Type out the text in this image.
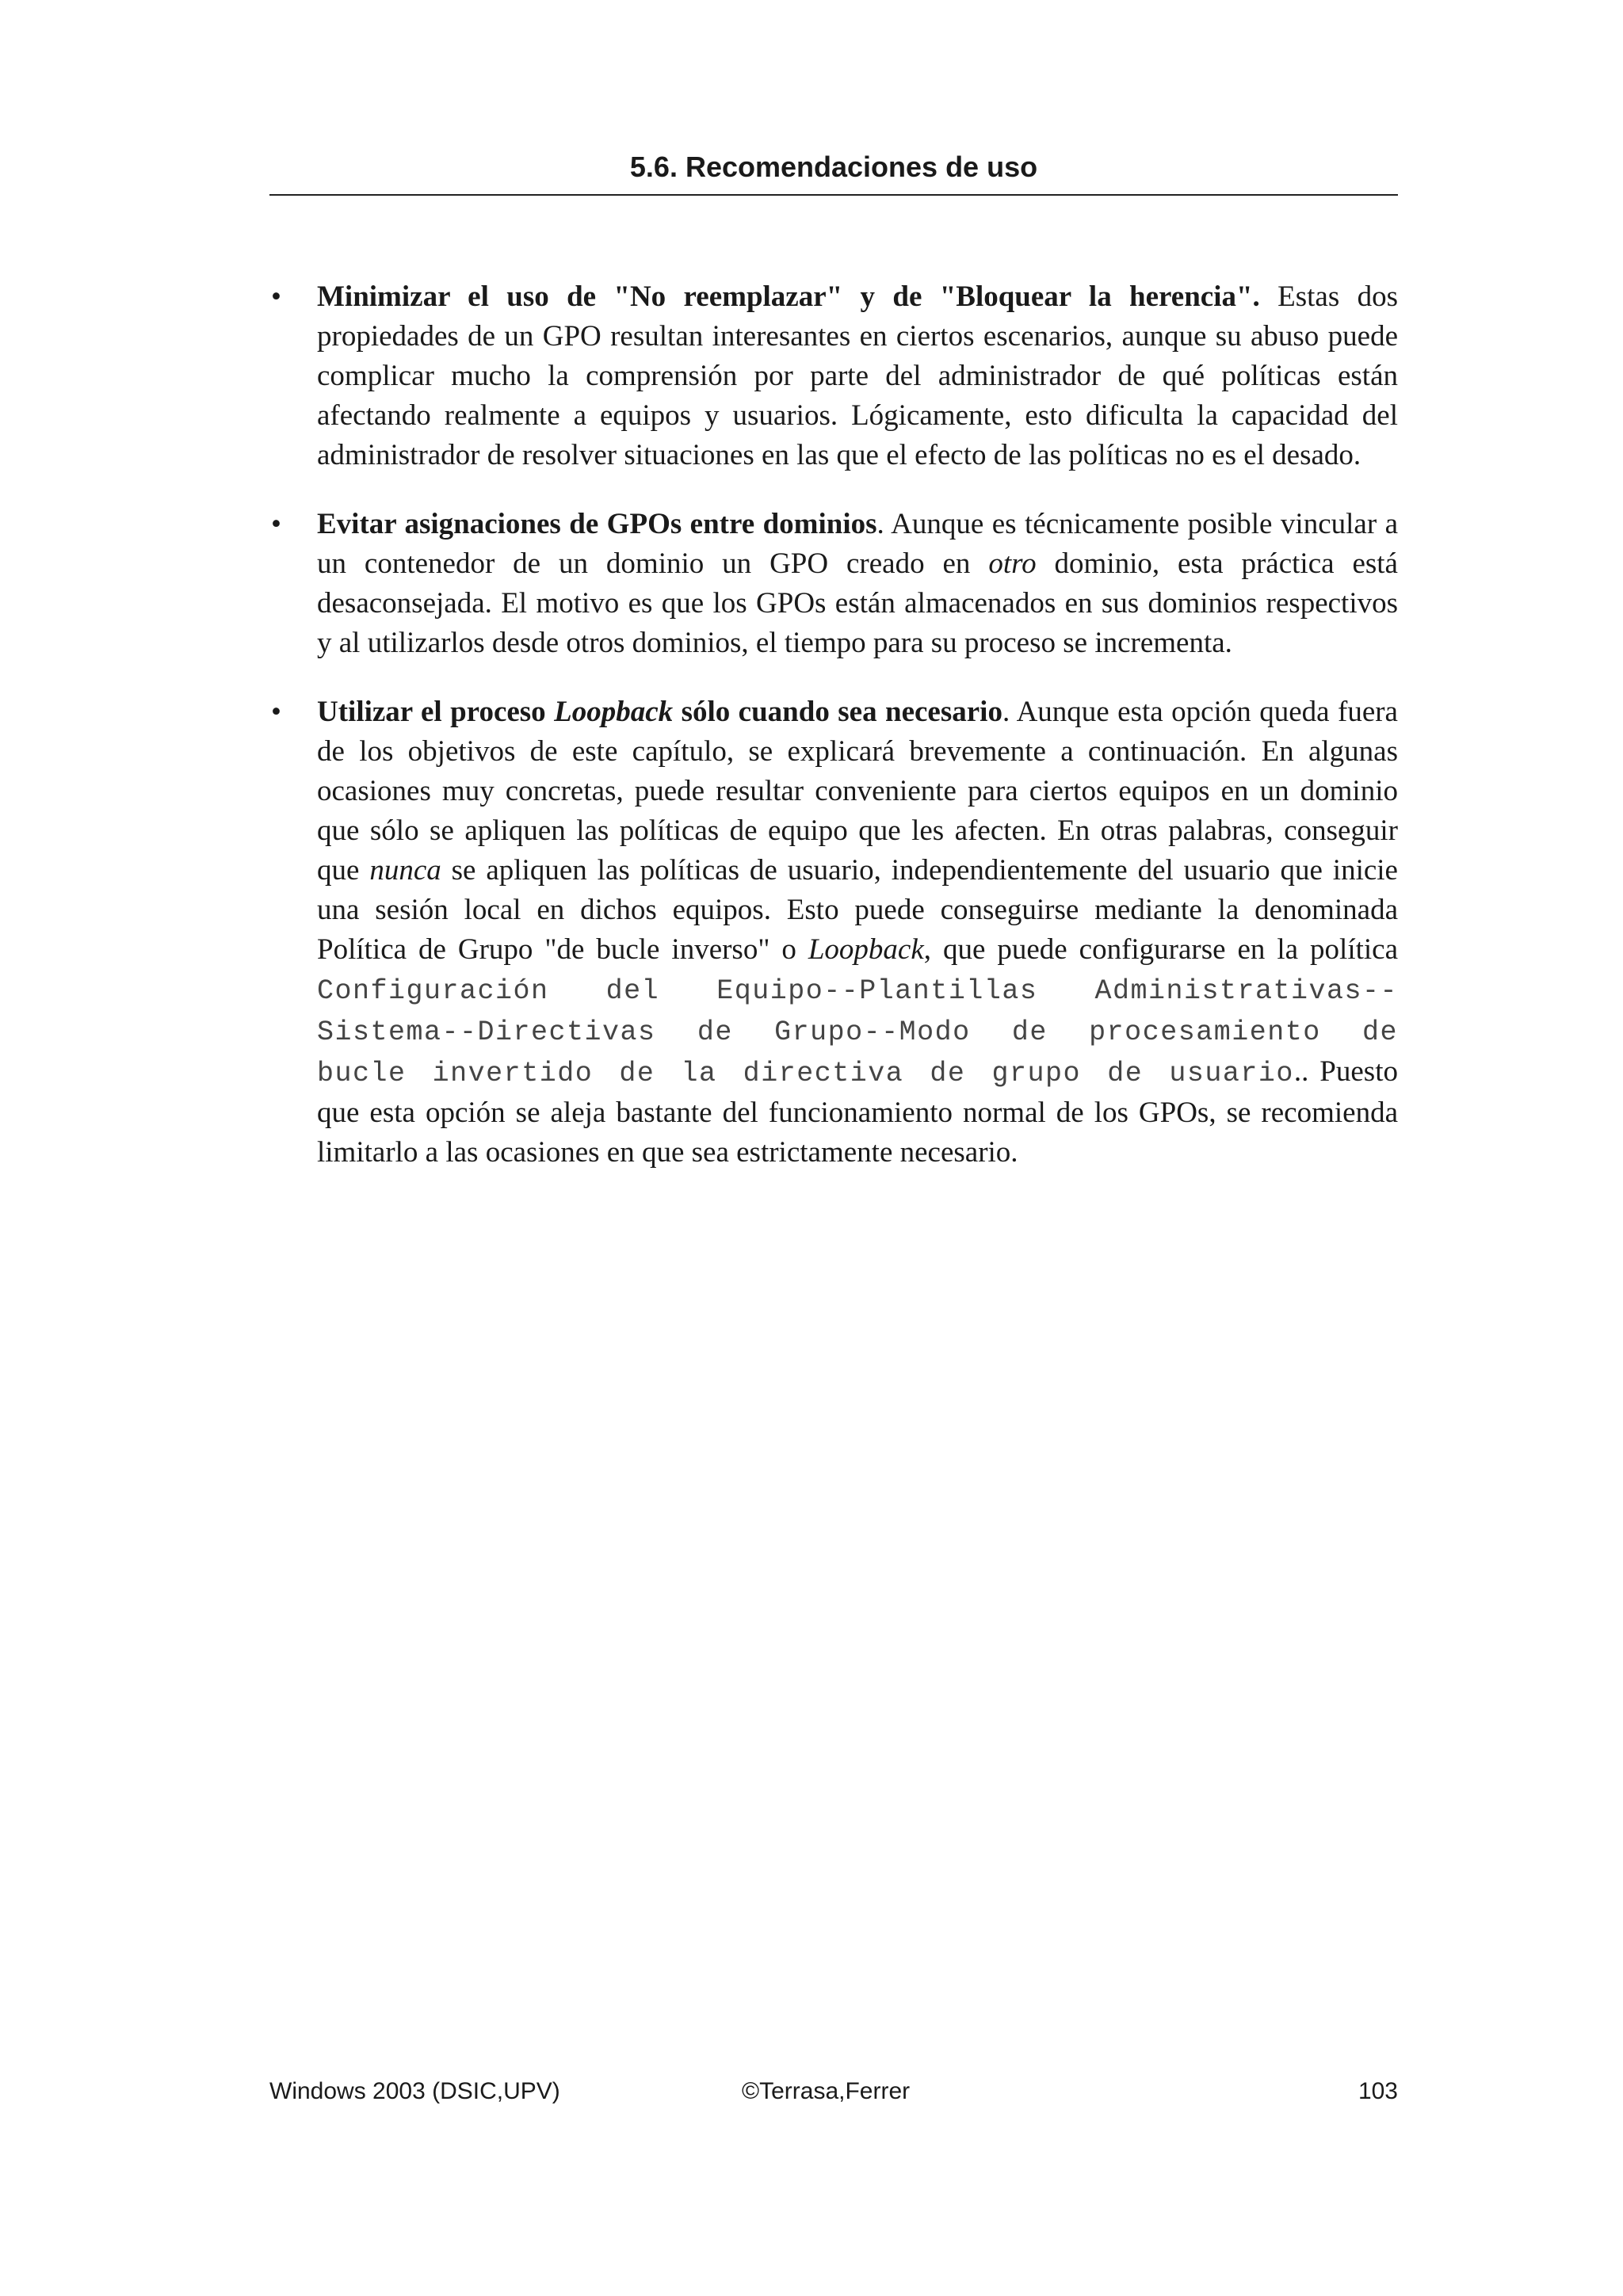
5.6. Recomendaciones de uso
• Minimizar el uso de "No reemplazar" y de "Bloquear la herencia". Estas dos propiedades de un GPO resultan interesantes en ciertos escenarios, aunque su abuso puede complicar mucho la comprensión por parte del administrador de qué políticas están afectando realmente a equipos y usuarios. Lógicamente, esto dificulta la capacidad del administrador de resolver situaciones en las que el efecto de las políticas no es el desado.
• Evitar asignaciones de GPOs entre dominios. Aunque es técnicamente posible vincular a un contenedor de un dominio un GPO creado en otro dominio, esta práctica está desaconsejada. El motivo es que los GPOs están almacenados en sus dominios respectivos y al utilizarlos desde otros dominios, el tiempo para su proceso se incrementa.
• Utilizar el proceso Loopback sólo cuando sea necesario. Aunque esta opción queda fuera de los objetivos de este capítulo, se explicará brevemente a continuación. En algunas ocasiones muy concretas, puede resultar conveniente para ciertos equipos en un dominio que sólo se apliquen las políticas de equipo que les afecten. En otras palabras, conseguir que nunca se apliquen las políticas de usuario, independientemente del usuario que inicie una sesión local en dichos equipos. Esto puede conseguirse mediante la denominada Política de Grupo "de bucle inverso" o Loopback, que puede configurarse en la política Configuración del Equipo--Plantillas Administrativas--Sistema--Directivas de Grupo--Modo de procesamiento de bucle invertido de la directiva de grupo de usuario.. Puesto que esta opción se aleja bastante del funcionamiento normal de los GPOs, se recomienda limitarlo a las ocasiones en que sea estrictamente necesario.
Windows 2003 (DSIC,UPV)	©Terrasa,Ferrer	103
